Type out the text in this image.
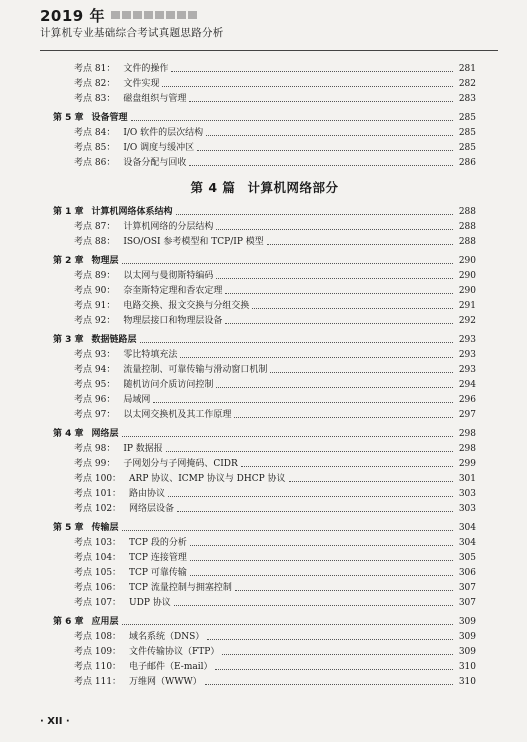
2019 年
计算机专业基础综合考试真题思路分析
考点 81： 文件的操作	281
考点 82： 文件实现	282
考点 83： 磁盘组织与管理	283
第 5 章 设备管理	285
考点 84： I/O 软件的层次结构	285
考点 85： I/O 调度与缓冲区	285
考点 86： 设备分配与回收	286
第 4 篇 计算机网络部分
第 1 章 计算机网络体系结构	288
考点 87： 计算机网络的分层结构	288
考点 88： ISO/OSI 参考模型和 TCP/IP 模型	288
第 2 章 物理层	290
考点 89： 以太网与曼彻斯特编码	290
考点 90： 奈奎斯特定理和香农定理	290
考点 91： 电路交换、报文交换与分组交换	291
考点 92： 物理层接口和物理层设备	292
第 3 章 数据链路层	293
考点 93： 零比特填充法	293
考点 94： 流量控制、可靠传输与滑动窗口机制	293
考点 95： 随机访问介质访问控制	294
考点 96： 局域网	296
考点 97： 以太网交换机及其工作原理	297
第 4 章 网络层	298
考点 98： IP 数据报	298
考点 99： 子网划分与子网掩码、CIDR	299
考点 100： ARP 协议、ICMP 协议与 DHCP 协议	301
考点 101： 路由协议	303
考点 102： 网络层设备	303
第 5 章 传输层	304
考点 103： TCP 段的分析	304
考点 104： TCP 连接管理	305
考点 105： TCP 可靠传输	306
考点 106： TCP 流量控制与拥塞控制	307
考点 107： UDP 协议	307
第 6 章 应用层	309
考点 108： 域名系统（DNS）	309
考点 109： 文件传输协议（FTP）	309
考点 110： 电子邮件（E-mail）	310
考点 111： 万维网（WWW）	310
· XII ·
